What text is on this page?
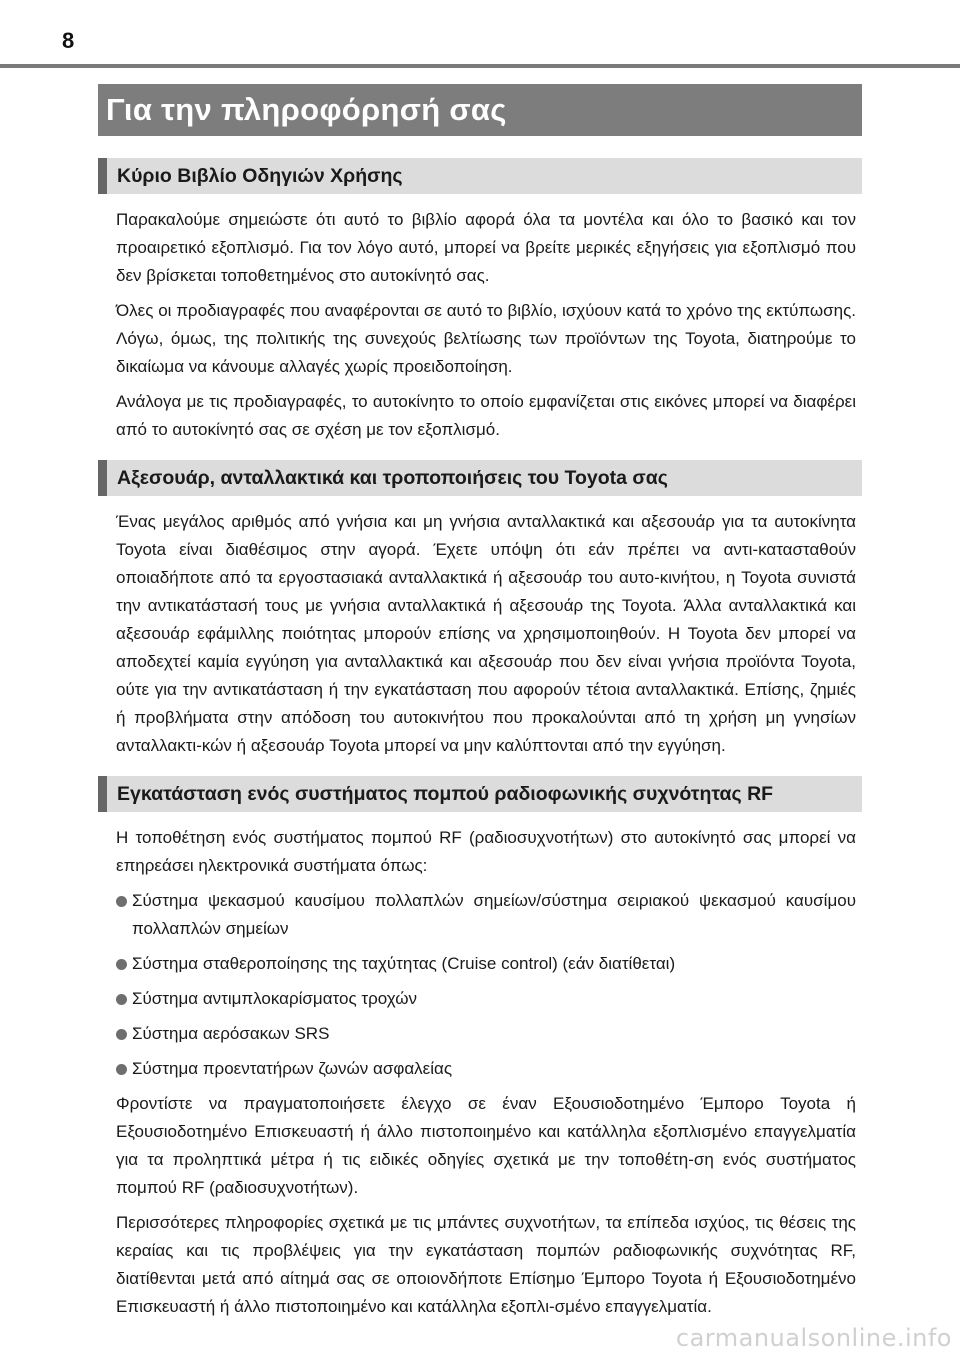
8
Για την πληροφόρησή σας
Κύριο Βιβλίο Οδηγιών Χρήσης

Παρακαλούμε σημειώστε ότι αυτό το βιβλίο αφορά όλα τα μοντέλα και όλο το βασικό και τον προαιρετικό εξοπλισμό. Για τον λόγο αυτό, μπορεί να βρείτε μερικές εξηγήσεις για εξοπλισμό που δεν βρίσκεται τοποθετημένος στο αυτοκίνητό σας.

Όλες οι προδιαγραφές που αναφέρονται σε αυτό το βιβλίο, ισχύουν κατά το χρόνο της εκτύπωσης. Λόγω, όμως, της πολιτικής της συνεχούς βελτίωσης των προϊόντων της Toyota, διατηρούμε το δικαίωμα να κάνουμε αλλαγές χωρίς προειδοποίηση.

Ανάλογα με τις προδιαγραφές, το αυτοκίνητο το οποίο εμφανίζεται στις εικόνες μπορεί να διαφέρει από το αυτοκίνητό σας σε σχέση με τον εξοπλισμό.

Αξεσουάρ, ανταλλακτικά και τροποποιήσεις του Toyota σας

Ένας μεγάλος αριθμός από γνήσια και μη γνήσια ανταλλακτικά και αξεσουάρ για τα αυτοκίνητα Toyota είναι διαθέσιμος στην αγορά. Έχετε υπόψη ότι εάν πρέπει να αντι-κατασταθούν οποιαδήποτε από τα εργοστασιακά ανταλλακτικά ή αξεσουάρ του αυτο-κινήτου, η Toyota συνιστά την αντικατάστασή τους με γνήσια ανταλλακτικά ή αξεσουάρ της Toyota. Άλλα ανταλλακτικά και αξεσουάρ εφάμιλλης ποιότητας μπορούν επίσης να χρησιμοποιηθούν. Η Toyota δεν μπορεί να αποδεχτεί καμία εγγύηση για ανταλλακτικά και αξεσουάρ που δεν είναι γνήσια προϊόντα Toyota, ούτε για την αντικατάσταση ή την εγκατάσταση που αφορούν τέτοια ανταλλακτικά. Επίσης, ζημιές ή προβλήματα στην απόδοση του αυτοκινήτου που προκαλούνται από τη χρήση μη γνησίων ανταλλακτι-κών ή αξεσουάρ Toyota μπορεί να μην καλύπτονται από την εγγύηση.

Εγκατάσταση ενός συστήματος πομπού ραδιοφωνικής συχνότητας RF

Η τοποθέτηση ενός συστήματος πομπού RF (ραδιοσυχνοτήτων) στο αυτοκίνητό σας μπορεί να επηρεάσει ηλεκτρονικά συστήματα όπως:

Σύστημα ψεκασμού καυσίμου πολλαπλών σημείων/σύστημα σειριακού ψεκασμού καυσίμου πολλαπλών σημείων
Σύστημα σταθεροποίησης της ταχύτητας (Cruise control) (εάν διατίθεται)
Σύστημα αντιμπλοκαρίσματος τροχών
Σύστημα αερόσακων SRS
Σύστημα προεντατήρων ζωνών ασφαλείας

Φροντίστε να πραγματοποιήσετε έλεγχο σε έναν Εξουσιοδοτημένο Έμπορο Toyota ή Εξουσιοδοτημένο Επισκευαστή ή άλλο πιστοποιημένο και κατάλληλα εξοπλισμένο επαγγελματία για τα προληπτικά μέτρα ή τις ειδικές οδηγίες σχετικά με την τοποθέτη-ση ενός συστήματος πομπού RF (ραδιοσυχνοτήτων).

Περισσότερες πληροφορίες σχετικά με τις μπάντες συχνοτήτων, τα επίπεδα ισχύος, τις θέσεις της κεραίας και τις προβλέψεις για την εγκατάσταση πομπών ραδιοφωνικής συχνότητας RF, διατίθενται μετά από αίτημά σας σε οποιονδήποτε Επίσημο Έμπορο Toyota ή Εξουσιοδοτημένο Επισκευαστή ή άλλο πιστοποιημένο και κατάλληλα εξοπλι-σμένο επαγγελματία.

carmanualsonline.info
